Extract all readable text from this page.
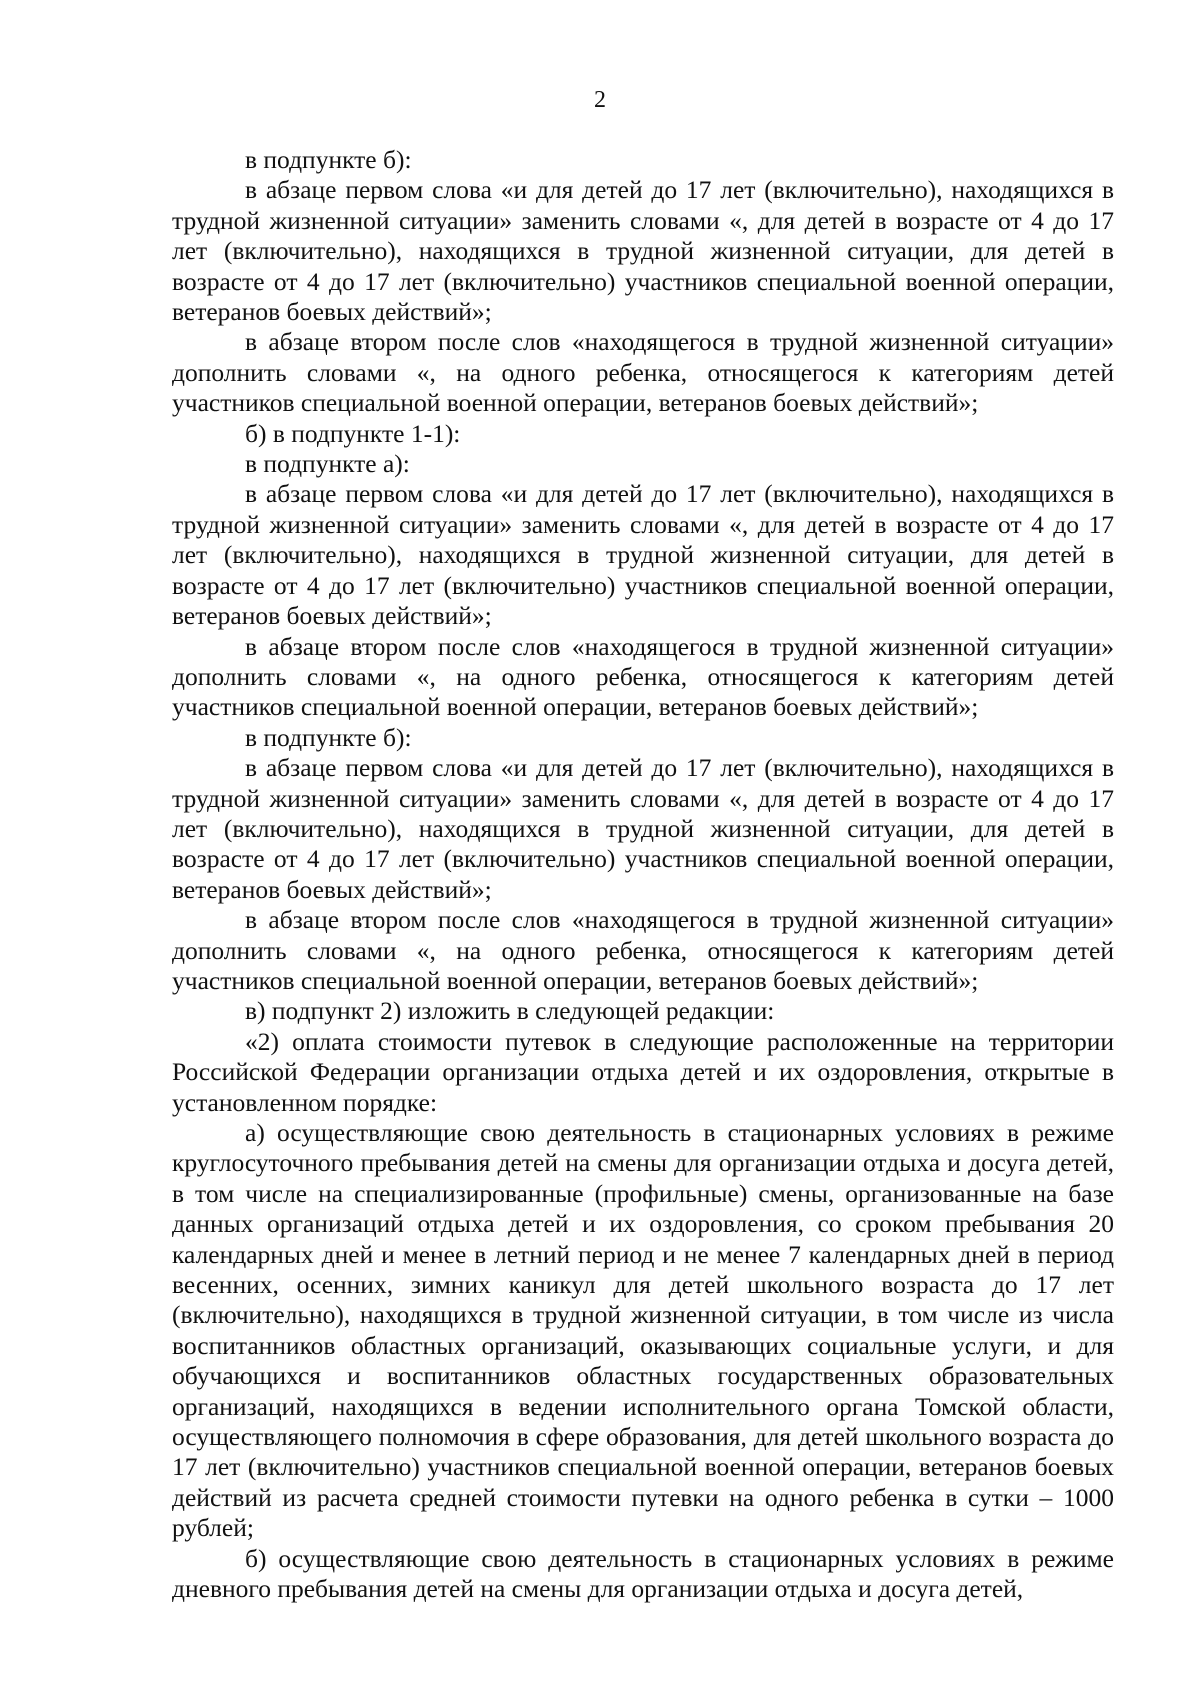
2

в подпункте б):

в абзаце первом слова «и для детей до 17 лет (включительно), находящихся в трудной жизненной ситуации» заменить словами «, для детей в возрасте от 4 до 17 лет (включительно), находящихся в трудной жизненной ситуации, для детей в возрасте от 4 до 17 лет (включительно) участников специальной военной операции, ветеранов боевых действий»;

в абзаце втором после слов «находящегося в трудной жизненной ситуации» дополнить словами «, на одного ребенка, относящегося к категориям детей участников специальной военной операции, ветеранов боевых действий»;

б) в подпункте 1-1):

в подпункте а):

в абзаце первом слова «и для детей до 17 лет (включительно), находящихся в трудной жизненной ситуации» заменить словами «, для детей в возрасте от 4 до 17 лет (включительно), находящихся в трудной жизненной ситуации, для детей в возрасте от 4 до 17 лет (включительно) участников специальной военной операции, ветеранов боевых действий»;

в абзаце втором после слов «находящегося в трудной жизненной ситуации» дополнить словами «, на одного ребенка, относящегося к категориям детей участников специальной военной операции, ветеранов боевых действий»;

в подпункте б):

в абзаце первом слова «и для детей до 17 лет (включительно), находящихся в трудной жизненной ситуации» заменить словами «, для детей в возрасте от 4 до 17 лет (включительно), находящихся в трудной жизненной ситуации, для детей в возрасте от 4 до 17 лет (включительно) участников специальной военной операции, ветеранов боевых действий»;

в абзаце втором после слов «находящегося в трудной жизненной ситуации» дополнить словами «, на одного ребенка, относящегося к категориям детей участников специальной военной операции, ветеранов боевых действий»;

в) подпункт 2) изложить в следующей редакции:

«2) оплата стоимости путевок в следующие расположенные на территории Российской Федерации организации отдыха детей и их оздоровления, открытые в установленном порядке:

а) осуществляющие свою деятельность в стационарных условиях в режиме круглосуточного пребывания детей на смены для организации отдыха и досуга детей, в том числе на специализированные (профильные) смены, организованные на базе данных организаций отдыха детей и их оздоровления, со сроком пребывания 20 календарных дней и менее в летний период и не менее 7 календарных дней в период весенних, осенних, зимних каникул для детей школьного возраста до 17 лет (включительно), находящихся в трудной жизненной ситуации, в том числе из числа воспитанников областных организаций, оказывающих социальные услуги, и для обучающихся и воспитанников областных государственных образовательных организаций, находящихся в ведении исполнительного органа Томской области, осуществляющего полномочия в сфере образования, для детей школьного возраста до 17 лет (включительно) участников специальной военной операции, ветеранов боевых действий из расчета средней стоимости путевки на одного ребенка в сутки – 1000 рублей;

б) осуществляющие свою деятельность в стационарных условиях в режиме дневного пребывания детей на смены для организации отдыха и досуга детей,
